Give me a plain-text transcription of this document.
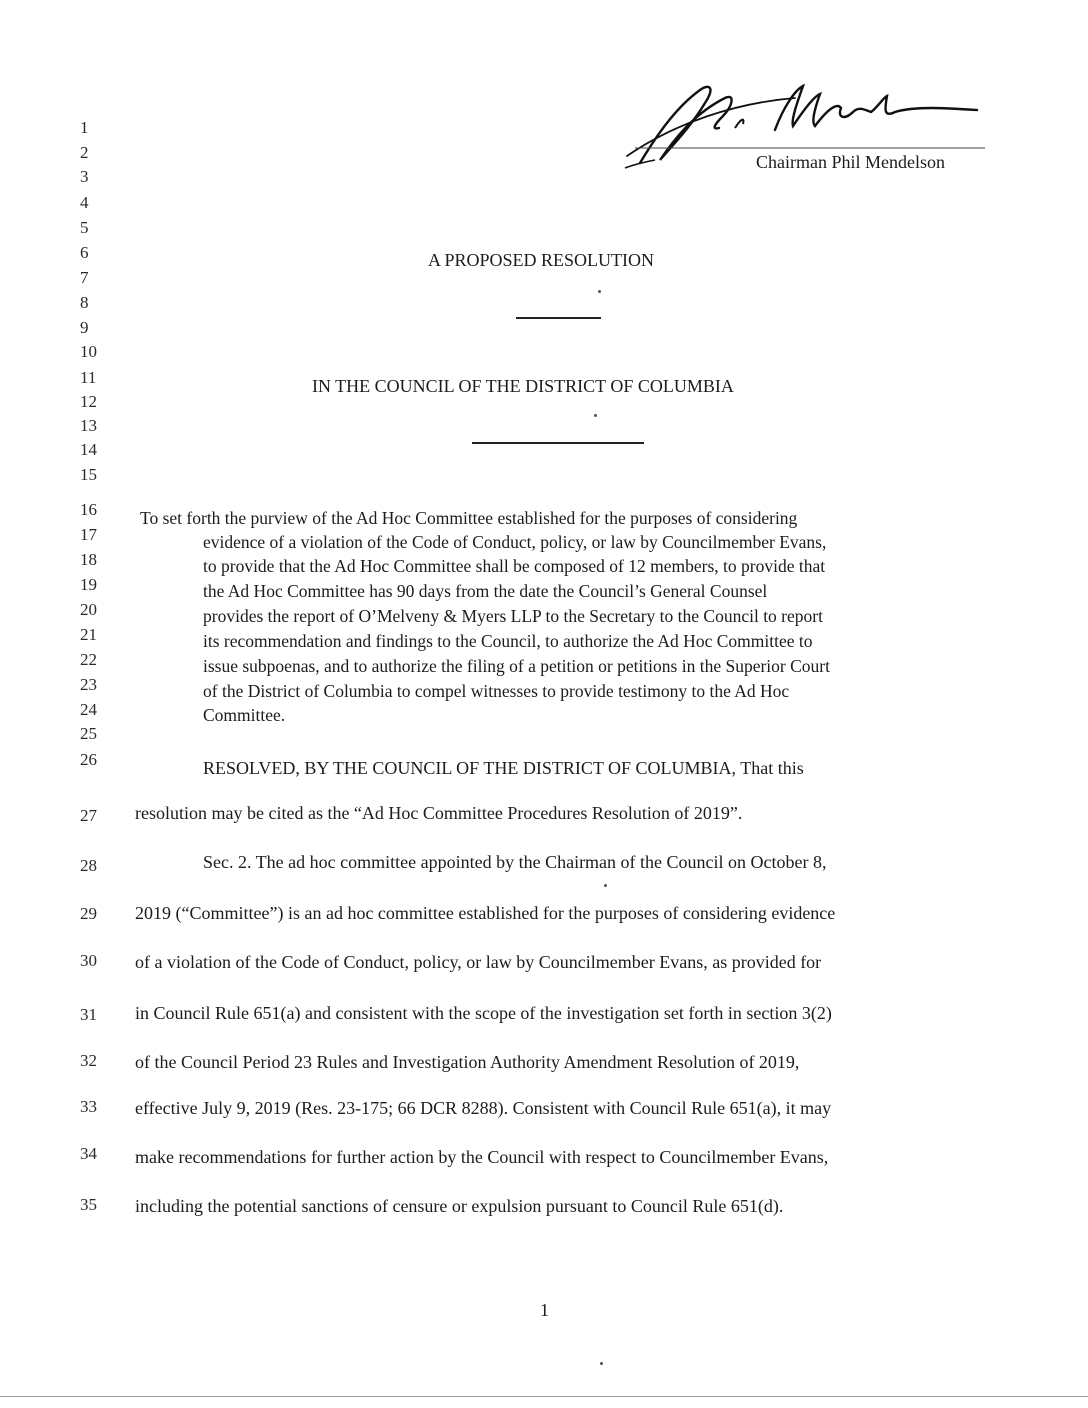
Chairman Phil Mendelson
1
2
3
4
5
6
7
8
9
10
11
12
13
14
15
16
17
18
19
20
21
22
23
24
25
26
27
28
29
30
31
32
33
34
35
A PROPOSED RESOLUTION
IN THE COUNCIL OF THE DISTRICT OF COLUMBIA
To set forth the purview of the Ad Hoc Committee established for the purposes of considering
evidence of a violation of the Code of Conduct, policy, or law by Councilmember Evans,
to provide that the Ad Hoc Committee shall be composed of 12 members, to provide that
the Ad Hoc Committee has 90 days from the date the Council’s General Counsel
provides the report of O’Melveny & Myers LLP to the Secretary to the Council to report
its recommendation and findings to the Council, to authorize the Ad Hoc Committee to
issue subpoenas, and to authorize the filing of a petition or petitions in the Superior Court
of the District of Columbia to compel witnesses to provide testimony to the Ad Hoc
Committee.
RESOLVED, BY THE COUNCIL OF THE DISTRICT OF COLUMBIA, That this
resolution may be cited as the “Ad Hoc Committee Procedures Resolution of 2019”.
Sec. 2. The ad hoc committee appointed by the Chairman of the Council on October 8,
2019 (“Committee”) is an ad hoc committee established for the purposes of considering evidence
of a violation of the Code of Conduct, policy, or law by Councilmember Evans, as provided for
in Council Rule 651(a) and consistent with the scope of the investigation set forth in section 3(2)
of the Council Period 23 Rules and Investigation Authority Amendment Resolution of 2019,
effective July 9, 2019 (Res. 23-175; 66 DCR 8288). Consistent with Council Rule 651(a), it may
make recommendations for further action by the Council with respect to Councilmember Evans,
including the potential sanctions of censure or expulsion pursuant to Council Rule 651(d).
1
